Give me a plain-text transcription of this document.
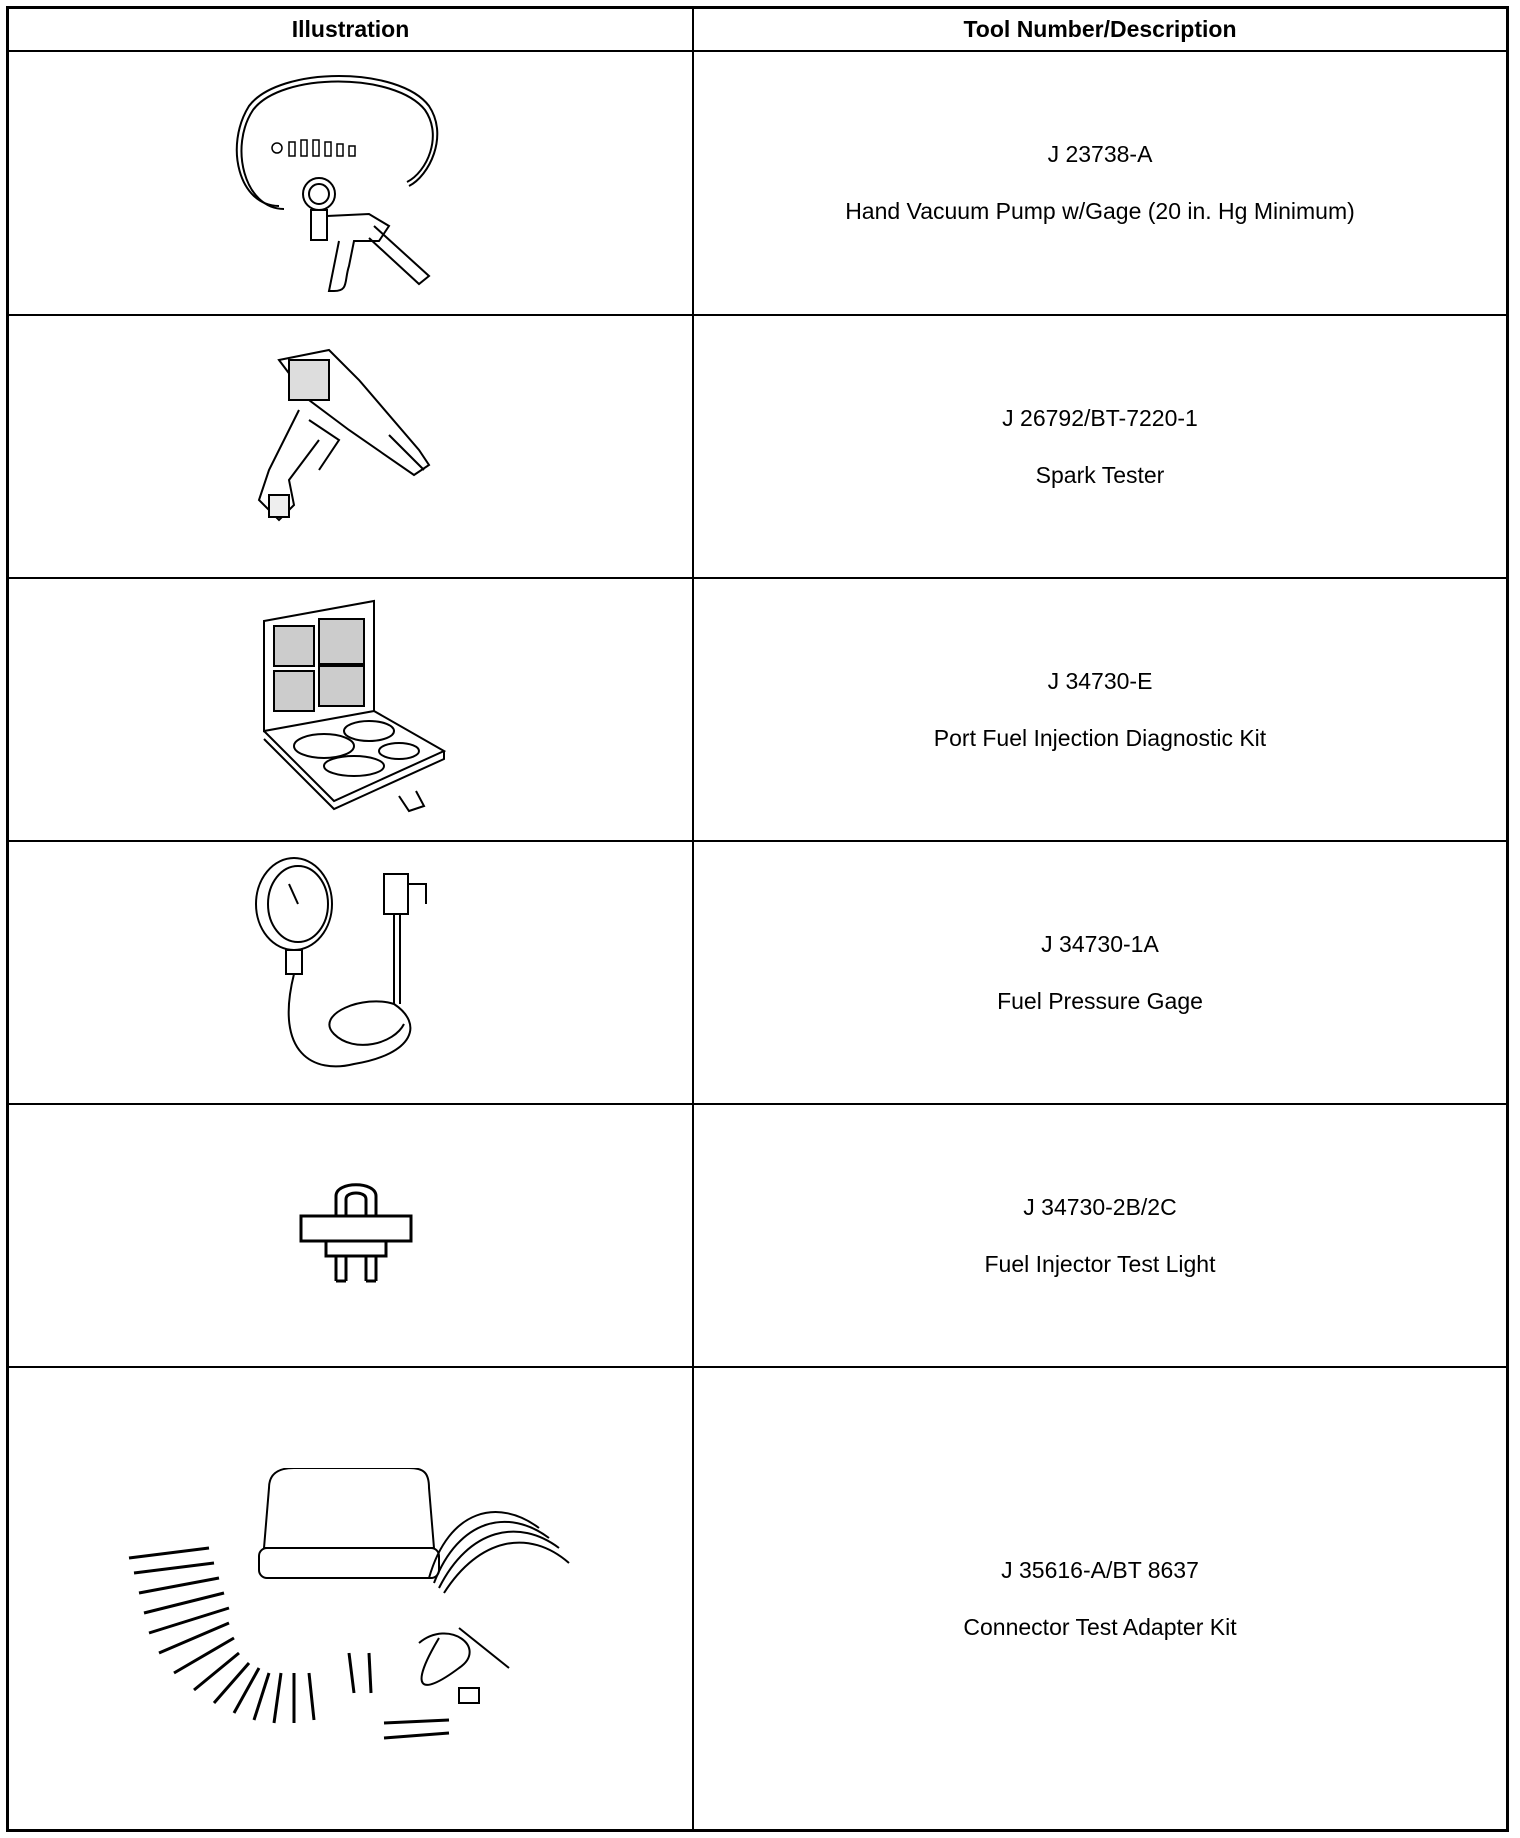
Illustration	Tool Number/Description
J 23738-A
Hand Vacuum Pump w/Gage (20 in. Hg Minimum)
J 26792/BT-7220-1
Spark Tester
J 34730-E
Port Fuel Injection Diagnostic Kit
J 34730-1A
Fuel Pressure Gage
J 34730-2B/2C
Fuel Injector Test Light
J 35616-A/BT 8637
Connector Test Adapter Kit
